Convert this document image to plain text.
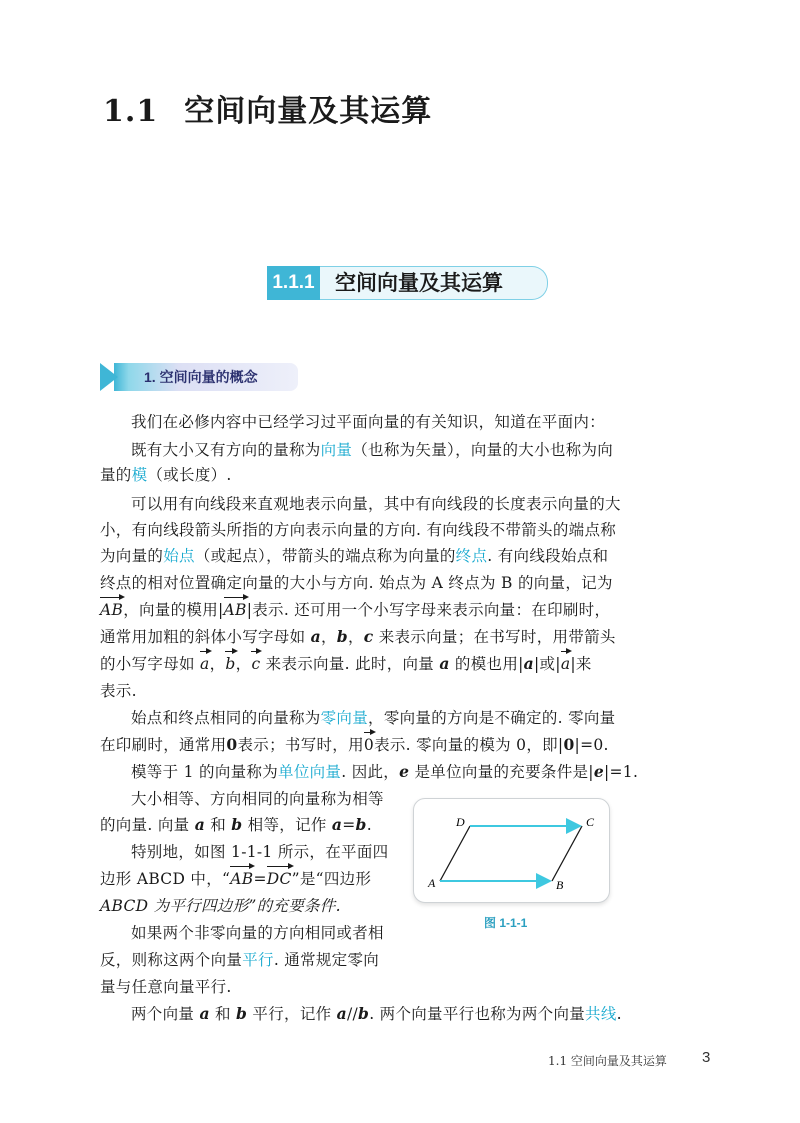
1.1 空间向量及其运算
1.1.1 空间向量及其运算
1. 空间向量的概念
我们在必修内容中已经学习过平面向量的有关知识，知道在平面内：
既有大小又有方向的量称为向量（也称为矢量），向量的大小也称为向
量的模（或长度）.
可以用有向线段来直观地表示向量，其中有向线段的长度表示向量的大
小，有向线段箭头所指的方向表示向量的方向. 有向线段不带箭头的端点称
为向量的始点（或起点），带箭头的端点称为向量的终点. 有向线段始点和
终点的相对位置确定向量的大小与方向. 始点为 A 终点为 B 的向量，记为
AB，向量的模用|AB|表示. 还可用一个小写字母来表示向量：在印刷时，
通常用加粗的斜体小写字母如 a，b，c 来表示向量；在书写时，用带箭头
的小写字母如 a，b，c 来表示向量. 此时，向量 a 的模也用|a|或|a|来
表示.
始点和终点相同的向量称为零向量，零向量的方向是不确定的. 零向量
在印刷时，通常用0表示；书写时，用0表示. 零向量的模为 0，即|0|=0.
模等于 1 的向量称为单位向量. 因此，e 是单位向量的充要条件是|e|=1.
大小相等、方向相同的向量称为相等
的向量. 向量 a 和 b 相等，记作 a=b.
特别地，如图 1-1-1 所示，在平面四
边形 ABCD 中，“AB=DC”是“四边形
ABCD 为平行四边形”的充要条件.
如果两个非零向量的方向相同或者相
反，则称这两个向量平行. 通常规定零向
量与任意向量平行.
两个向量 a 和 b 平行，记作 a//b. 两个向量平行也称为两个向量共线.
A	B
C
D
图 1-1-1
1.1 空间向量及其运算 3
